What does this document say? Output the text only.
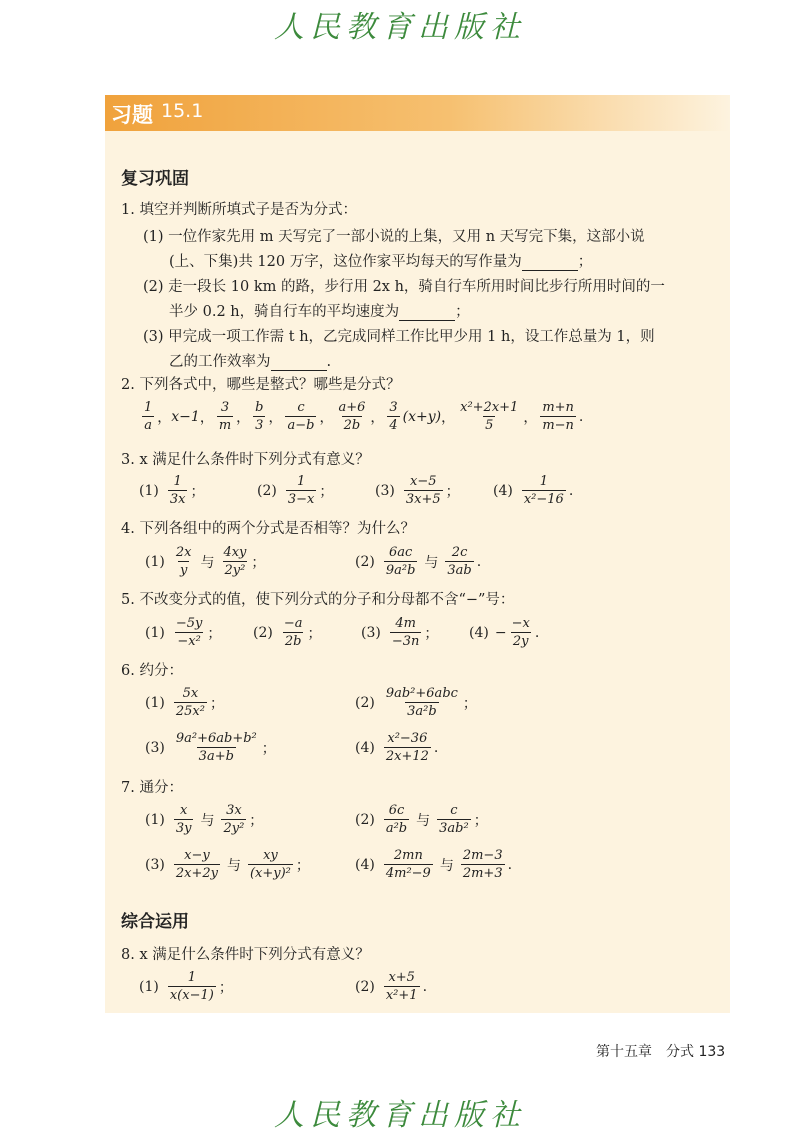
人民教育出版社
习题 15.1
复习巩固
1. 填空并判断所填式子是否为分式：
(1) 一位作家先用 m 天写完了一部小说的上集，又用 n 天写完下集，这部小说
(上、下集)共 120 万字，这位作家平均每天的写作量为	；
(2) 走一段长 10 km 的路，步行用 2x h，骑自行车所用时间比步行所用时间的一
半少 0.2 h，骑自行车的平均速度为	；
(3) 甲完成一项工作需 t h，乙完成同样工作比甲少用 1 h，设工作总量为 1，则
乙的工作效率为	.
2. 下列各式中，哪些是整式？哪些是分式？
$\frac{1}{a}$ ， x−1 ， $\frac{3}{m}$ ， $\frac{b}{3}$ ， $\frac{c}{a-b}$ ， $\frac{a+6}{2b}$ ， $\frac{3}{4} (x+y)$ ， $\frac{\text{x²+2x+1}}{5}$ ， $\frac{m+n}{m-n}$ .
3. x 满足什么条件时下列分式有意义？
$(1) \frac{1}{3x}$ ；	$(2) \frac{1}{3-x}$ ；	$(3) \frac{x-5}{3x+5}$ ； $(4) \frac{1}{\text{x²−16}}$ .
4. 下列各组中的两个分式是否相等？为什么？
$(1) \frac{2x}{y}$ 与 $\frac{4xy}{\text{2y²}}$ ；	$(2) \frac{6ac}{\text{9a²b}}$ 与 $\frac{2c}{3ab}$ .
5. 不改变分式的值，使下列分式的分子和分母都不含“−”号：
$(1) \frac{-5y}{\text{−x²}}$ ； $(2) \frac{-a}{2b}$ ；	$(3) \frac{4m}{-3n}$ ； $(4) - \frac{-x}{2y}$ .
6. 约分：
$(1) \frac{5x}{\text{25x²}}$ ；	$(2) \frac{\text{9ab²+6abc}}{\text{3a²b}}$ ；
$(3) \frac{\text{9a²+6ab+b²}}{3a+b}$ ；	$(4) \frac{\text{x²−36}}{2x+12}$ .
7. 通分：
$(1) \frac{x}{3y}$ 与 $\frac{3x}{\text{2y²}}$ ；	$(2) \frac{6c}{\text{a²b}}$ 与 $\frac{c}{\text{3ab²}}$ ；
$(3) \frac{x-y}{2x+2y}$ 与 $\frac{xy}{\text{(x+y)²}}$ ；	$(4) \frac{2mn}{\text{4m²−9}}$ 与 $\frac{2m-3}{2m+3}$ .
综合运用
8. x 满足什么条件时下列分式有意义？
$(1) \frac{1}{x(x-1)}$ ；	$(2) \frac{x+5}{\text{x²+1}}$ .
第十五章　分式 133
人民教育出版社
